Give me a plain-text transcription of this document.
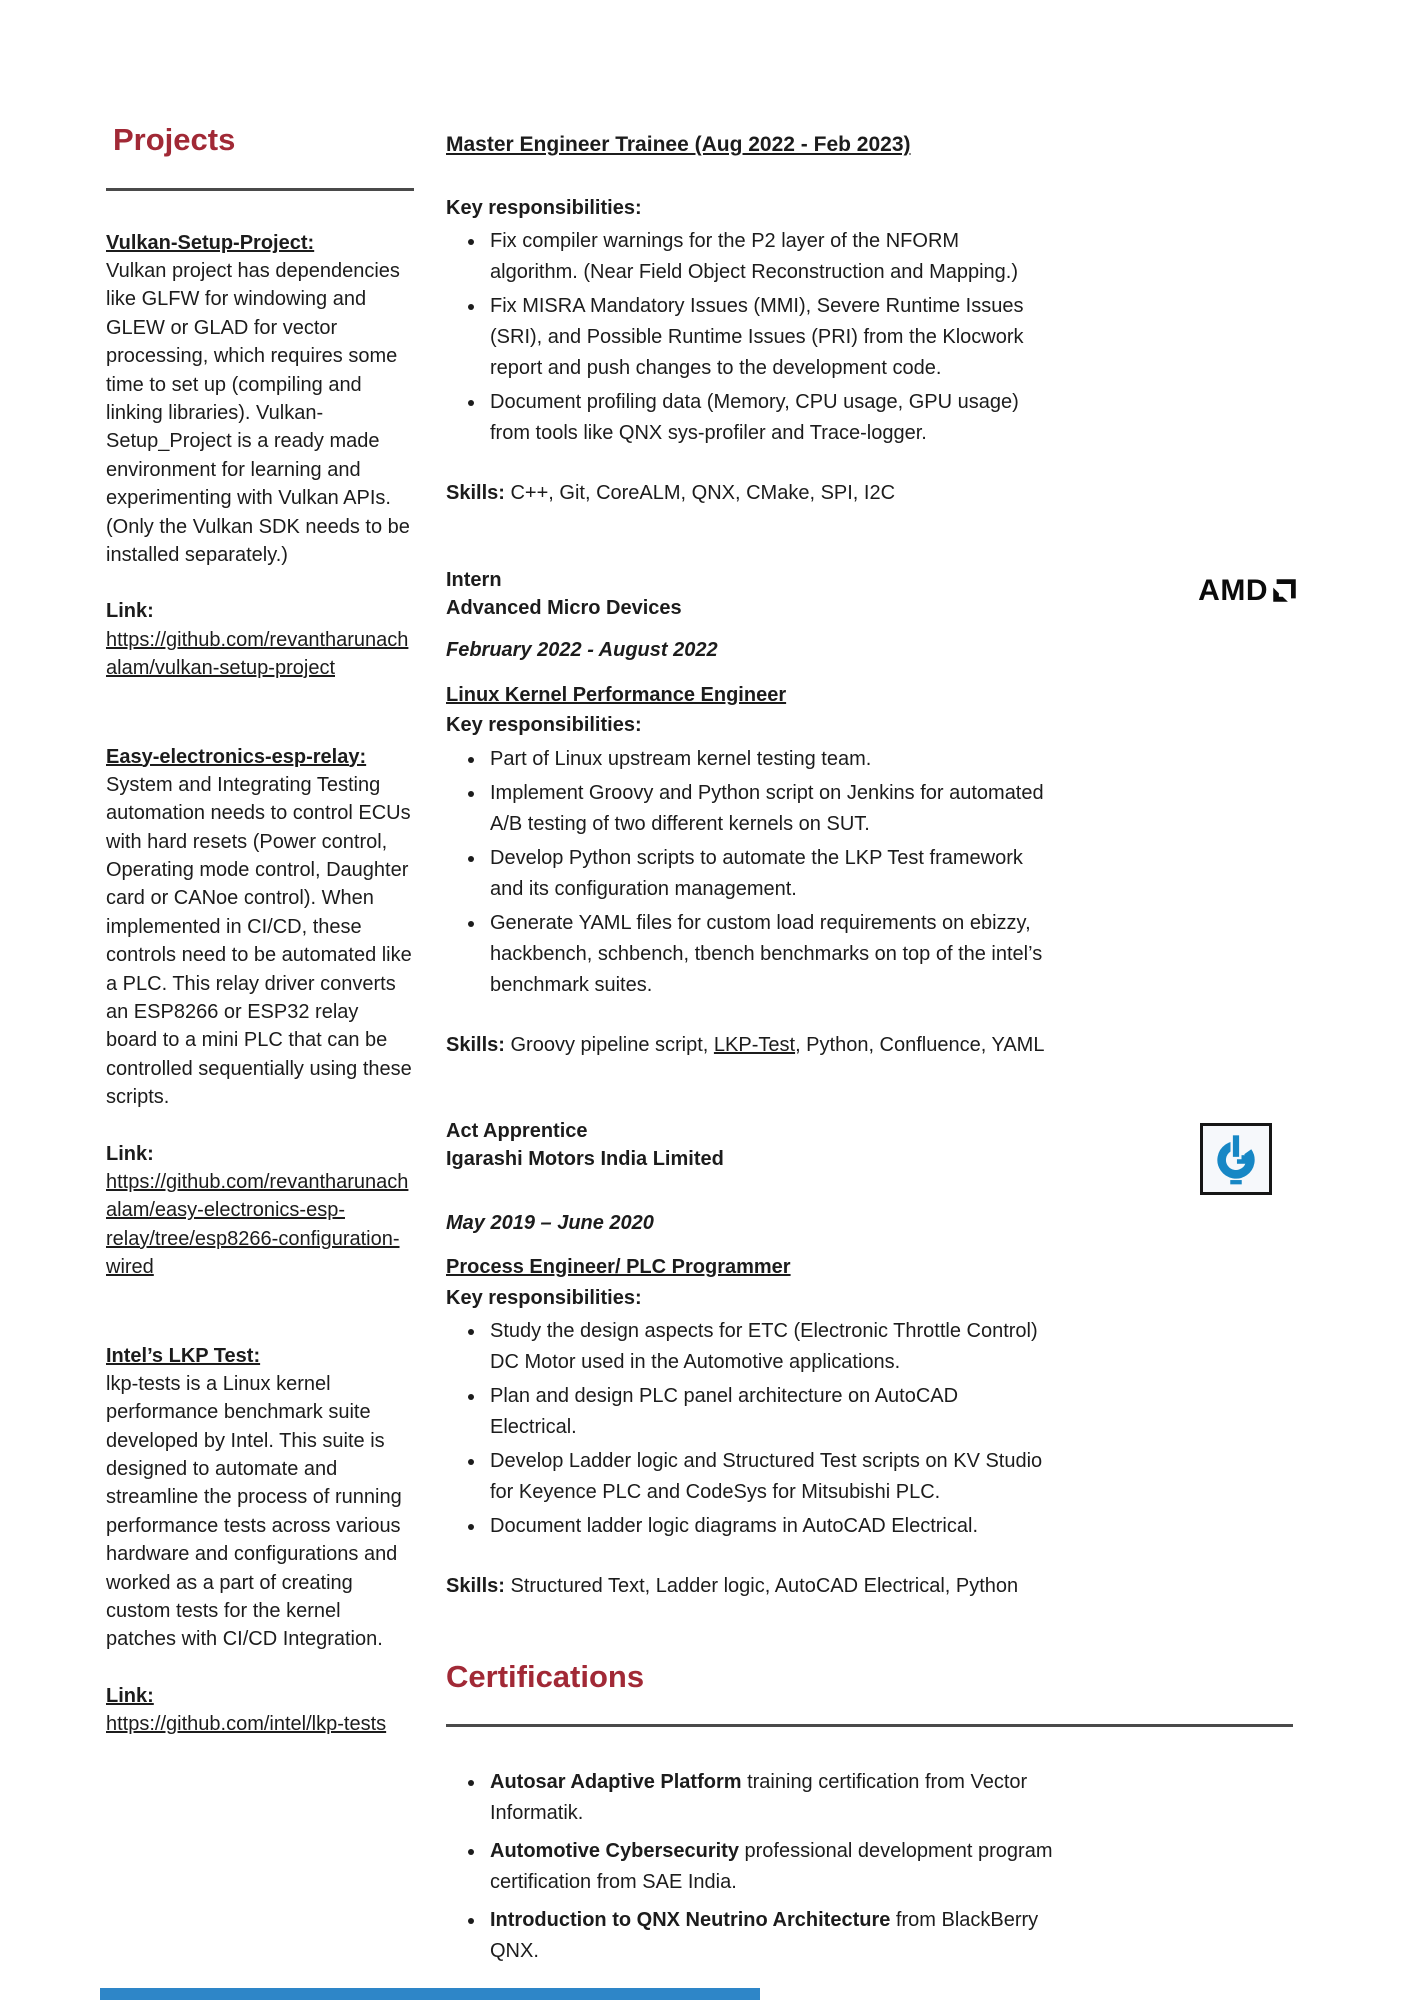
Projects
Vulkan-Setup-Project:
Vulkan project has dependencies like GLFW for windowing and GLEW or GLAD for vector processing, which requires some time to set up (compiling and linking libraries). Vulkan-Setup_Project is a ready made environment for learning and experimenting with Vulkan APIs. (Only the Vulkan SDK needs to be installed separately.)
Link:
https://github.com/revantharunachalam/vulkan-setup-project
Easy-electronics-esp-relay:
System and Integrating Testing automation needs to control ECUs with hard resets (Power control, Operating mode control, Daughter card or CANoe control). When implemented in CI/CD, these controls need to be automated like a PLC. This relay driver converts an ESP8266 or ESP32 relay board to a mini PLC that can be controlled sequentially using these scripts.
Link:
https://github.com/revantharunachalam/easy-electronics-esp-relay/tree/esp8266-configuration-wired
Intel’s LKP Test:
lkp-tests is a Linux kernel performance benchmark suite developed by Intel. This suite is designed to automate and streamline the process of running performance tests across various hardware and configurations and worked as a part of creating custom tests for the kernel patches with CI/CD Integration.
Link:
https://github.com/intel/lkp-tests
Master Engineer Trainee (Aug 2022 - Feb 2023)
Key responsibilities:
• Fix compiler warnings for the P2 layer of the NFORM algorithm. (Near Field Object Reconstruction and Mapping.)
• Fix MISRA Mandatory Issues (MMI), Severe Runtime Issues (SRI), and Possible Runtime Issues (PRI) from the Klocwork report and push changes to the development code.
• Document profiling data (Memory, CPU usage, GPU usage) from tools like QNX sys-profiler and Trace-logger.

Skills: C++, Git, CoreALM, QNX, CMake, SPI, I2C

Intern
Advanced Micro Devices
AMD
February 2022 - August 2022
Linux Kernel Performance Engineer
Key responsibilities:
• Part of Linux upstream kernel testing team.
• Implement Groovy and Python script on Jenkins for automated A/B testing of two different kernels on SUT.
• Develop Python scripts to automate the LKP Test framework and its configuration management.
• Generate YAML files for custom load requirements on ebizzy, hackbench, schbench, tbench benchmarks on top of the intel’s benchmark suites.

Skills: Groovy pipeline script, LKP-Test, Python, Confluence, YAML

Act Apprentice
Igarashi Motors India Limited
May 2019 – June 2020
Process Engineer/ PLC Programmer
Key responsibilities:
• Study the design aspects for ETC (Electronic Throttle Control) DC Motor used in the Automotive applications.
• Plan and design PLC panel architecture on AutoCAD Electrical.
• Develop Ladder logic and Structured Test scripts on KV Studio for Keyence PLC and CodeSys for Mitsubishi PLC.
• Document ladder logic diagrams in AutoCAD Electrical.

Skills: Structured Text, Ladder logic, AutoCAD Electrical, Python

Certifications
• Autosar Adaptive Platform training certification from Vector Informatik.
• Automotive Cybersecurity professional development program certification from SAE India.
• Introduction to QNX Neutrino Architecture from BlackBerry QNX.
